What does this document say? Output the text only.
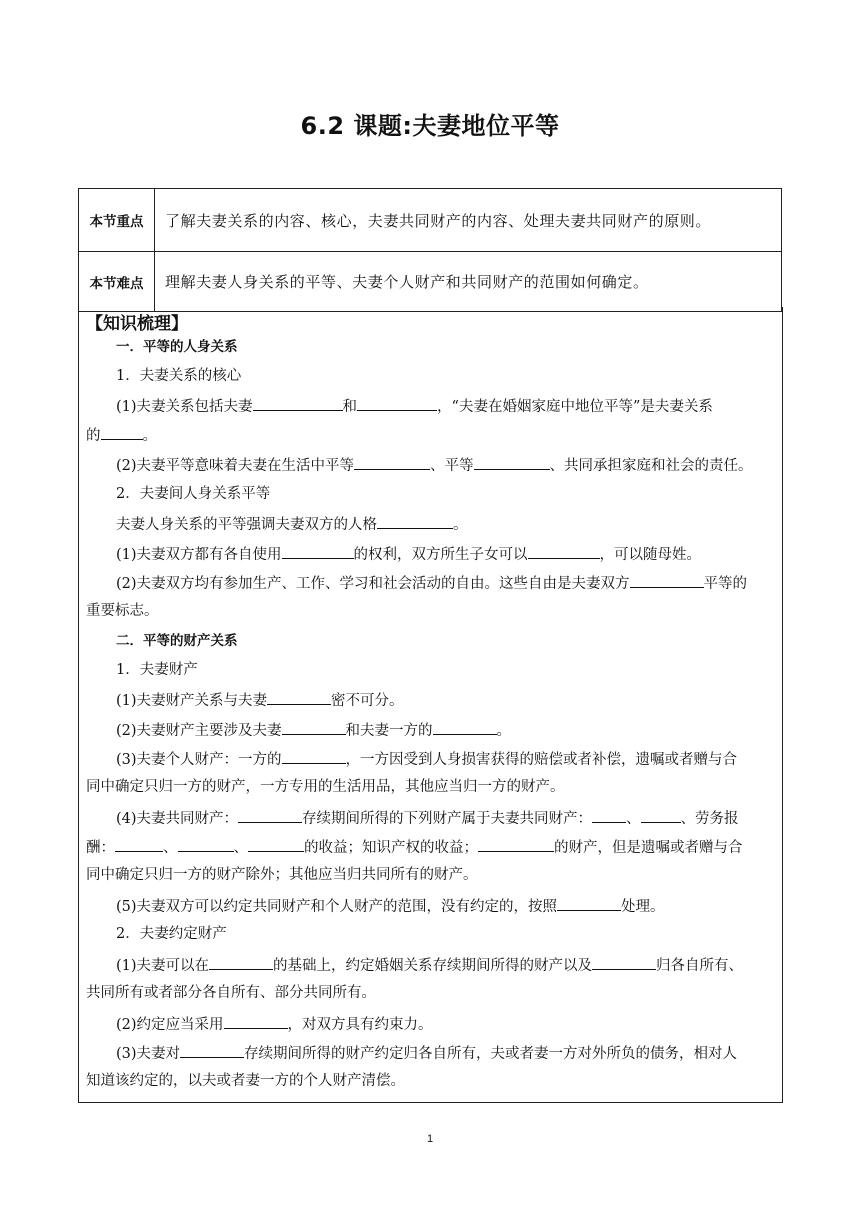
6.2 课题:夫妻地位平等
本节重点	了解夫妻关系的内容、核心，夫妻共同财产的内容、处理夫妻共同财产的原则。
本节难点	理解夫妻人身关系的平等、夫妻个人财产和共同财产的范围如何确定。
【知识梳理】
一．平等的人身关系
1．夫妻关系的核心
(1)夫妻关系包括夫妻	和	，“夫妻在婚姻家庭中地位平等”是夫妻关系
的	。
(2)夫妻平等意味着夫妻在生活中平等	、平等	、共同承担家庭和社会的责任。
2．夫妻间人身关系平等
夫妻人身关系的平等强调夫妻双方的人格	。
(1)夫妻双方都有各自使用	的权利，双方所生子女可以	，可以随母姓。
(2)夫妻双方均有参加生产、工作、学习和社会活动的自由。这些自由是夫妻双方	平等的
重要标志。
二．平等的财产关系
1．夫妻财产
(1)夫妻财产关系与夫妻	密不可分。
(2)夫妻财产主要涉及夫妻	和夫妻一方的	。
(3)夫妻个人财产：一方的	，一方因受到人身损害获得的赔偿或者补偿，遗嘱或者赠与合
同中确定只归一方的财产，一方专用的生活用品，其他应当归一方的财产。
(4)夫妻共同财产：	存续期间所得的下列财产属于夫妻共同财产： 、	、劳务报
酬：	、	、	的收益；知识产权的收益；	的财产，但是遗嘱或者赠与合
同中确定只归一方的财产除外；其他应当归共同所有的财产。
(5)夫妻双方可以约定共同财产和个人财产的范围，没有约定的，按照	处理。
2．夫妻约定财产
(1)夫妻可以在	的基础上，约定婚姻关系存续期间所得的财产以及	归各自所有、
共同所有或者部分各自所有、部分共同所有。
(2)约定应当采用	，对双方具有约束力。
(3)夫妻对	存续期间所得的财产约定归各自所有，夫或者妻一方对外所负的债务，相对人
知道该约定的，以夫或者妻一方的个人财产清偿。
1
